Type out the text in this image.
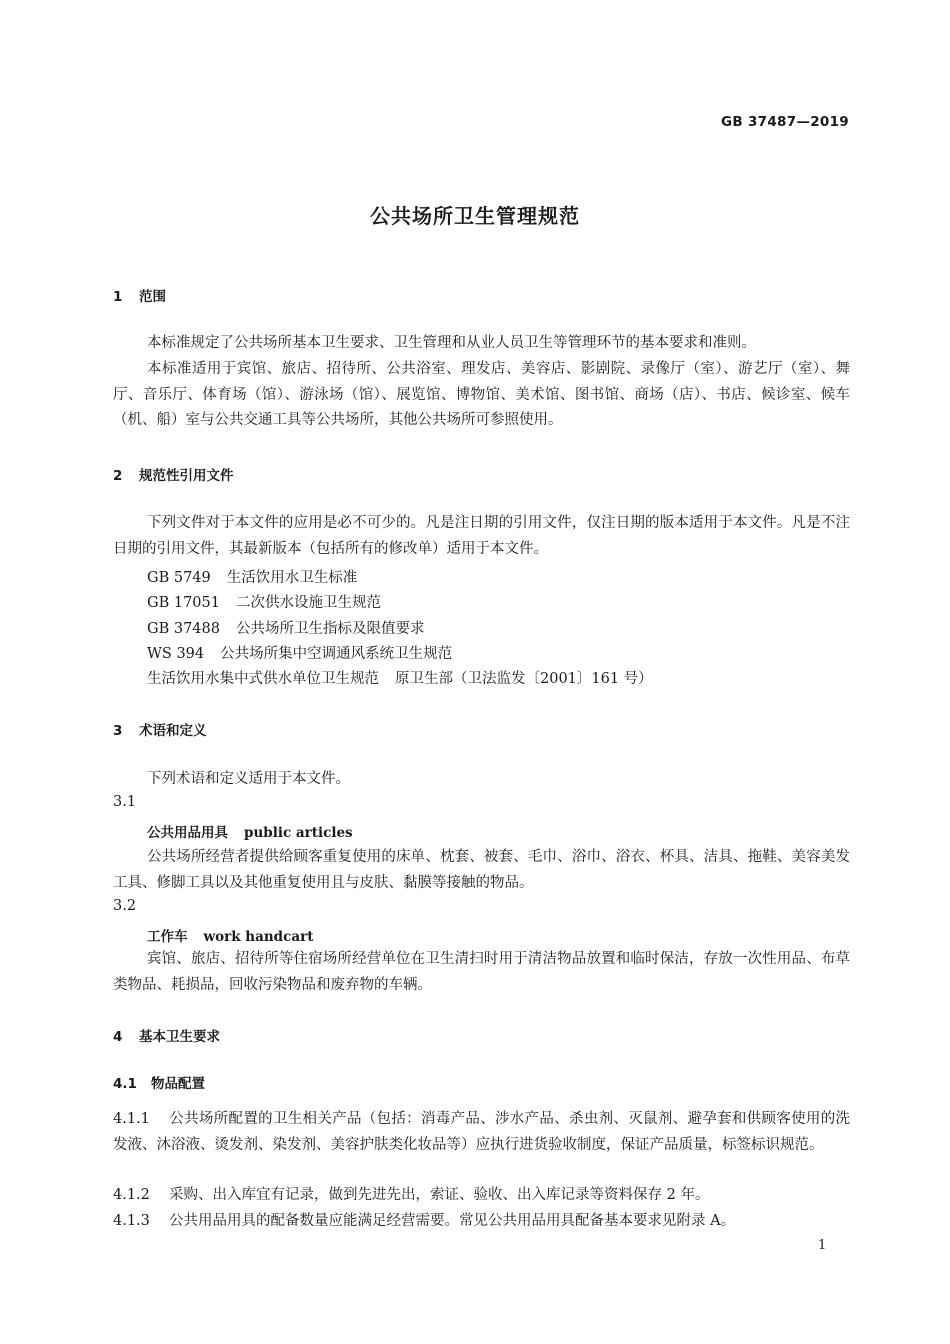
GB 37487—2019
公共场所卫生管理规范
1 范围
本标准规定了公共场所基本卫生要求、卫生管理和从业人员卫生等管理环节的基本要求和准则。
本标准适用于宾馆、旅店、招待所、公共浴室、理发店、美容店、影剧院、录像厅（室）、游艺厅（室）、舞厅、音乐厅、体育场（馆）、游泳场（馆）、展览馆、博物馆、美术馆、图书馆、商场（店）、书店、候诊室、候车（机、船）室与公共交通工具等公共场所，其他公共场所可参照使用。
2 规范性引用文件
下列文件对于本文件的应用是必不可少的。凡是注日期的引用文件，仅注日期的版本适用于本文件。凡是不注日期的引用文件，其最新版本（包括所有的修改单）适用于本文件。
GB 5749 生活饮用水卫生标准
GB 17051 二次供水设施卫生规范
GB 37488 公共场所卫生指标及限值要求
WS 394 公共场所集中空调通风系统卫生规范
生活饮用水集中式供水单位卫生规范 原卫生部（卫法监发〔2001〕161 号）
3 术语和定义
下列术语和定义适用于本文件。
3.1
公共用品用具 public articles
公共场所经营者提供给顾客重复使用的床单、枕套、被套、毛巾、浴巾、浴衣、杯具、洁具、拖鞋、美容美发工具、修脚工具以及其他重复使用且与皮肤、黏膜等接触的物品。
3.2
工作车 work handcart
宾馆、旅店、招待所等住宿场所经营单位在卫生清扫时用于清洁物品放置和临时保洁，存放一次性用品、布草类物品、耗损品，回收污染物品和废弃物的车辆。
4 基本卫生要求
4.1 物品配置
4.1.1 公共场所配置的卫生相关产品（包括：消毒产品、涉水产品、杀虫剂、灭鼠剂、避孕套和供顾客使用的洗发液、沐浴液、烫发剂、染发剂、美容护肤类化妆品等）应执行进货验收制度，保证产品质量，标签标识规范。
4.1.2 采购、出入库宜有记录，做到先进先出，索证、验收、出入库记录等资料保存 2 年。
4.1.3 公共用品用具的配备数量应能满足经营需要。常见公共用品用具配备基本要求见附录 A。
1
